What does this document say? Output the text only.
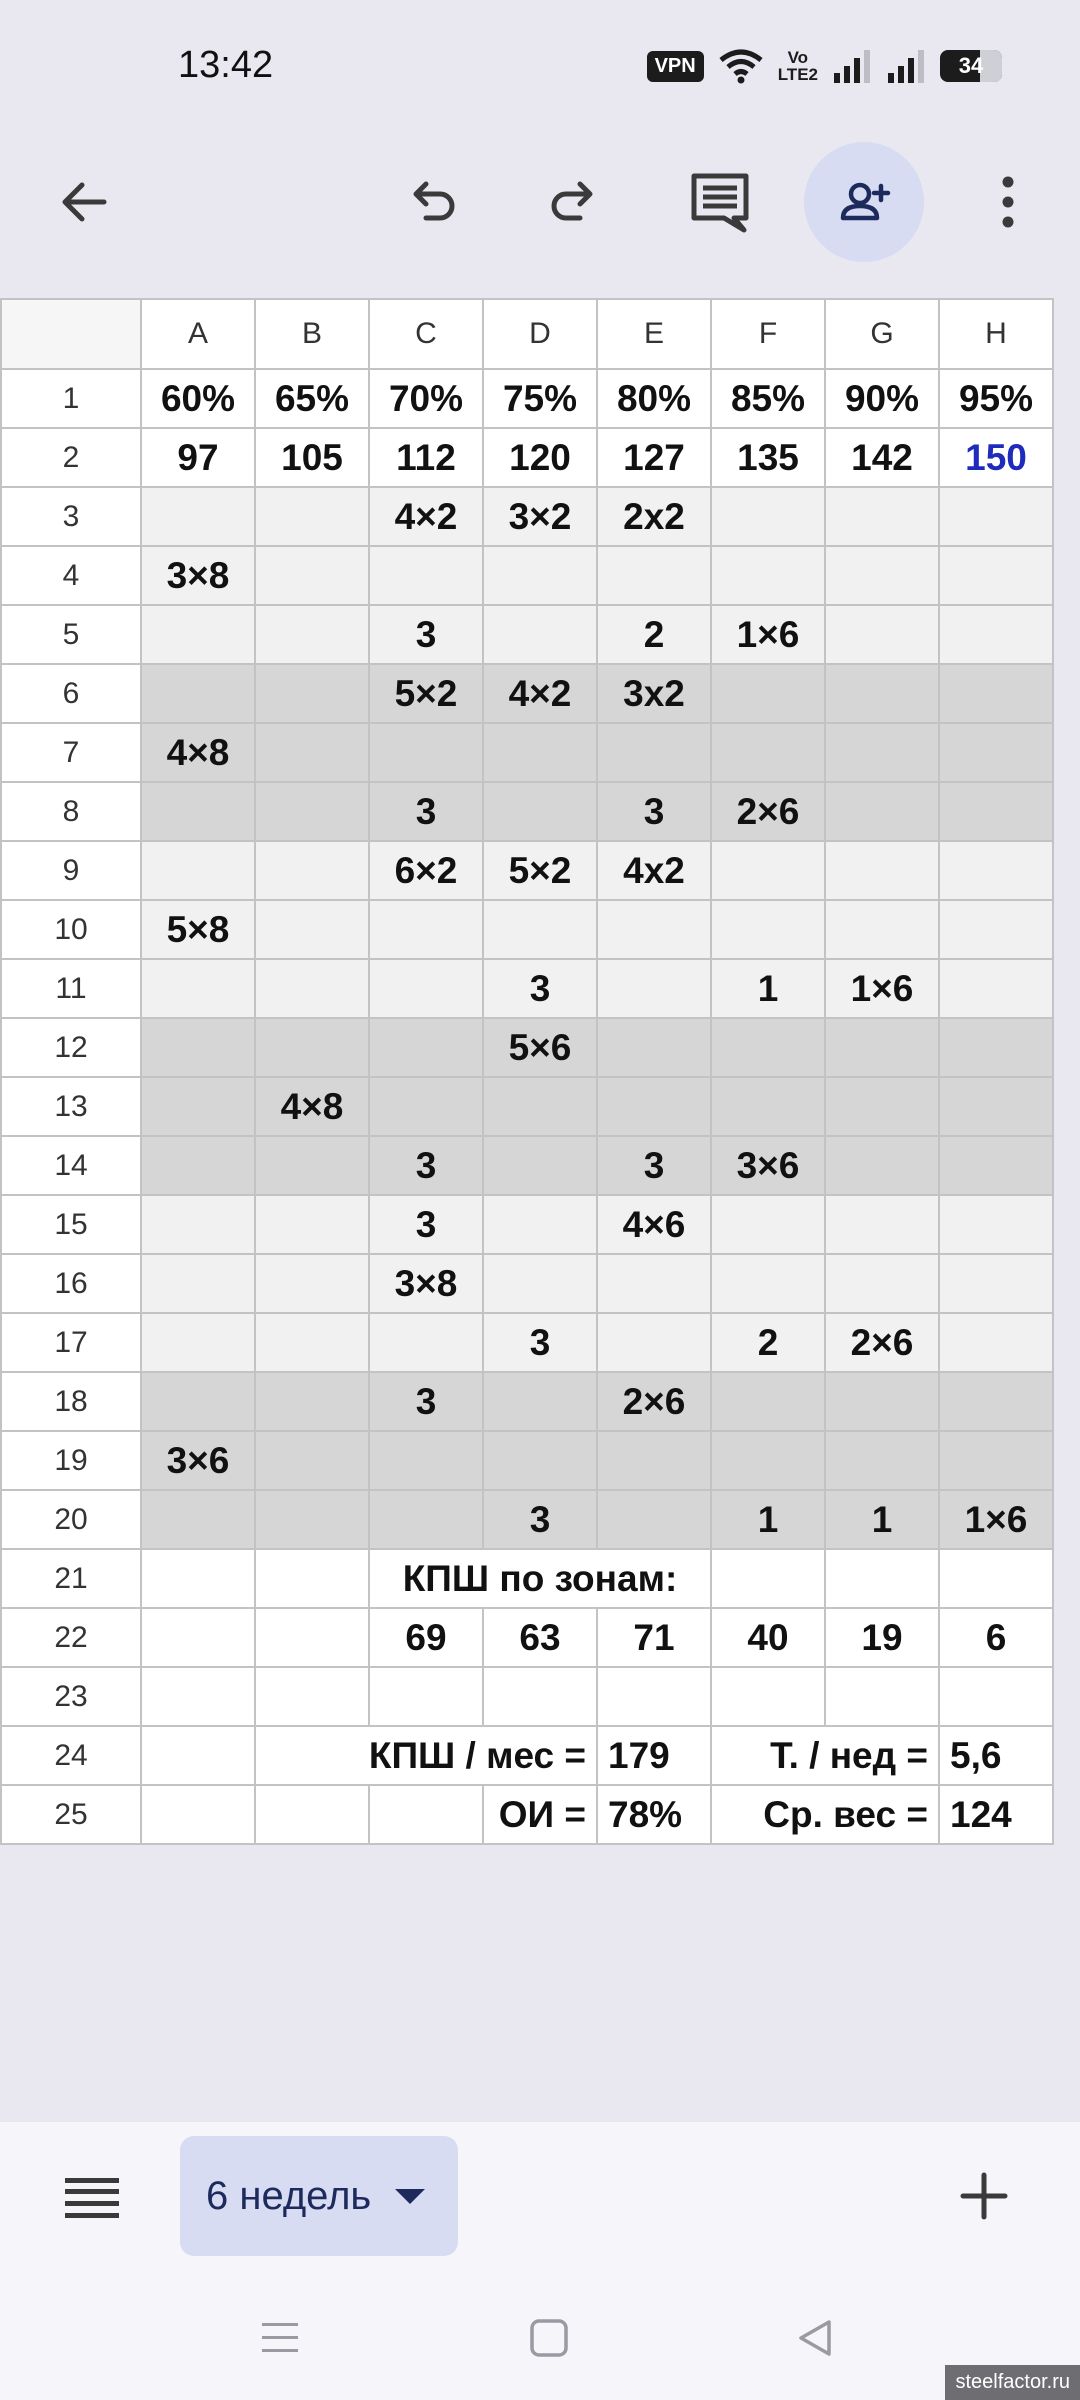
13:42	VPN	Vo
LTE2	34
	A	B	C	D	E	F	G	H
1	60%	65%	70%	75%	80%	85%	90%	95%
2	97	105	112	120	127	135	142	150
3			4×2	3×2	2x2			
4	3×8							
5			3		2	1×6		
6			5×2	4×2	3x2			
7	4×8							
8			3		3	2×6		
9			6×2	5×2	4x2			
10	5×8							
11				3		1	1×6	
12				5×6				
13		4×8						
14			3		3	3×6		
15			3		4×6			
16			3×8					
17				3		2	2×6	
18			3		2×6			
19	3×6							
20				3		1	1	1×6
21			КПШ по зонам:					
22			69	63	71	40	19	6
23								
24		КПШ / мес =			179	Т. / нед =		5,6
25				ОИ =	78%	Ср. вес =		124
6 недель
steelfactor.ru
